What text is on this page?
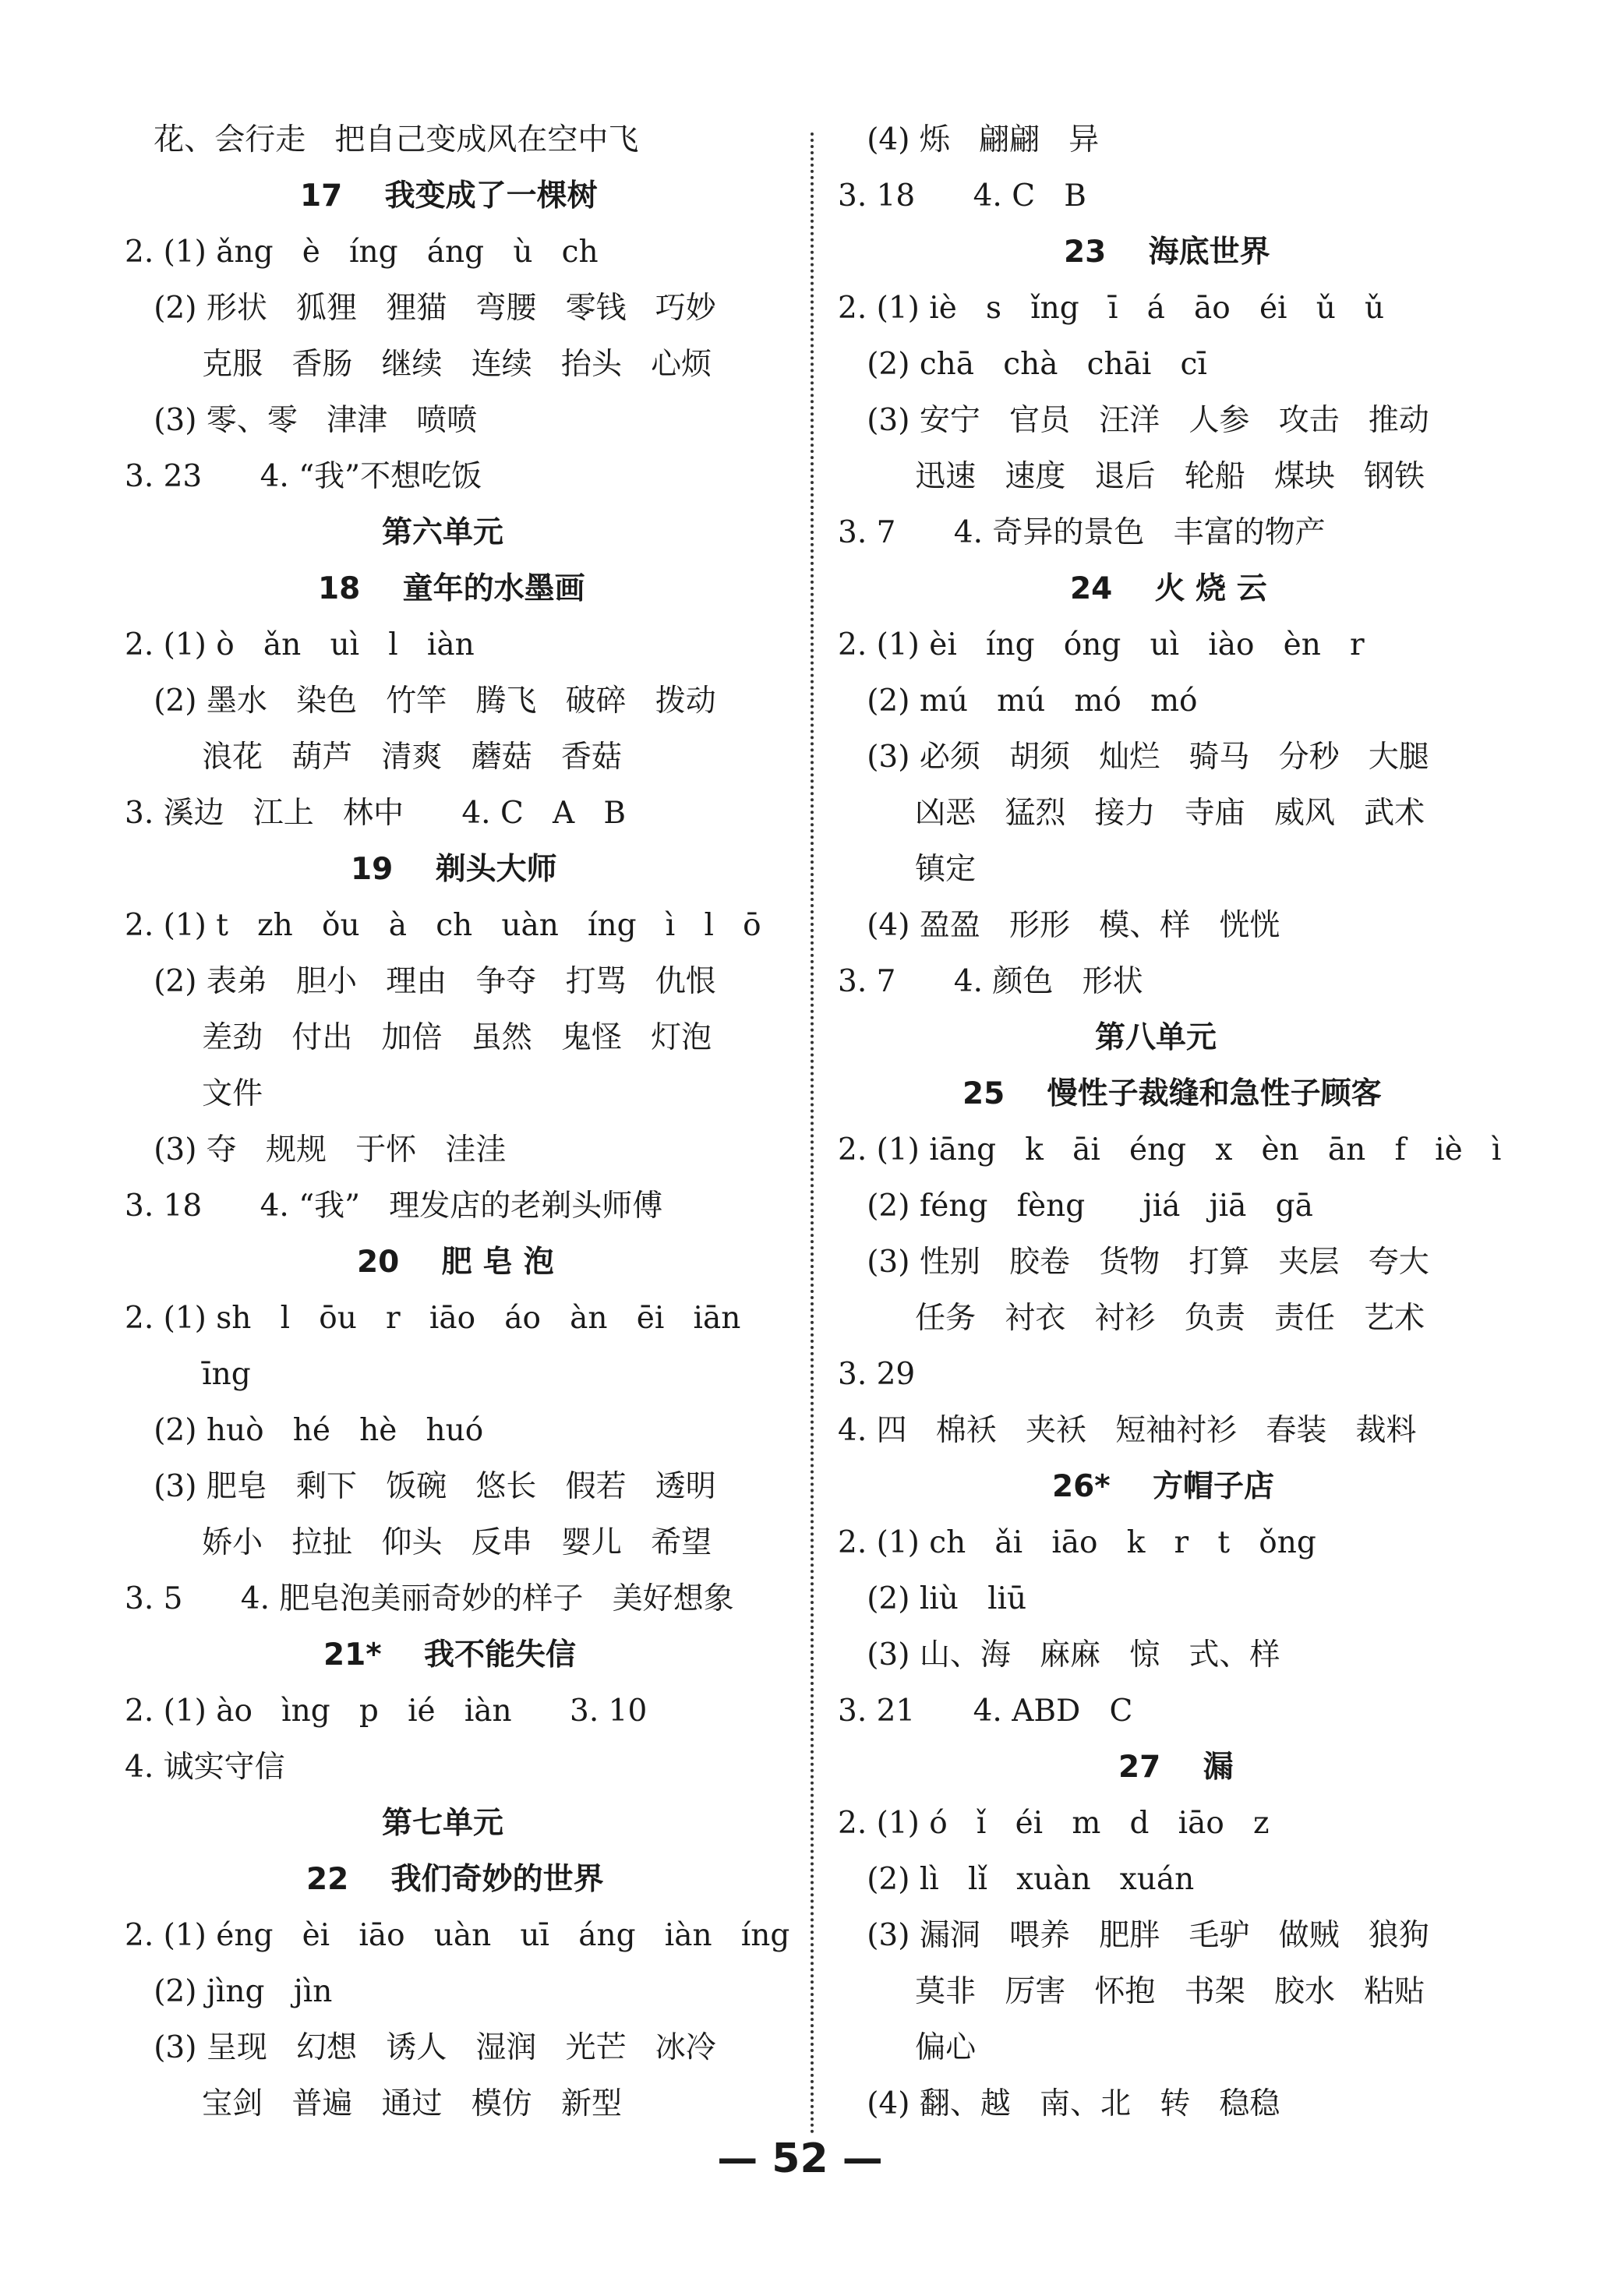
花、会行走   把自己变成风在空中飞
17    我变成了一棵树
2. (1) ǎng   è   íng   áng   ù   ch
(2) 形状   狐狸   狸猫   弯腰   零钱   巧妙
克服   香肠   继续   连续   抬头   心烦
(3) 零、零   津津   喷喷
3. 23      4. “我”不想吃饭
第六单元
18    童年的水墨画
2. (1) ò   ǎn   uì   l   iàn
(2) 墨水   染色   竹竿   腾飞   破碎   拨动
浪花   葫芦   清爽   蘑菇   香菇
3. 溪边   江上   林中      4. C   A   B
19    剃头大师
2. (1) t   zh   ǒu   à   ch   uàn   íng   ì   l   ō
(2) 表弟   胆小   理由   争夺   打骂   仇恨
差劲   付出   加倍   虽然   鬼怪   灯泡
文件
(3) 夺   规规   于怀   洼洼
3. 18      4. “我”   理发店的老剃头师傅
20    肥 皂 泡
2. (1) sh   l   ōu   r   iāo   áo   àn   ēi   iān
īng
(2) huò   hé   hè   huó
(3) 肥皂   剩下   饭碗   悠长   假若   透明
娇小   拉扯   仰头   反串   婴儿   希望
3. 5      4. 肥皂泡美丽奇妙的样子   美好想象
21*    我不能失信
2. (1) ào   ìng   p   ié   iàn      3. 10
4. 诚实守信
第七单元
22    我们奇妙的世界
2. (1) éng   èi   iāo   uàn   uī   áng   iàn   íng
(2) jìng   jìn
(3) 呈现   幻想   诱人   湿润   光芒   冰冷
宝剑   普遍   通过   模仿   新型
(4) 烁   翩翩   异
3. 18      4. C   B
23    海底世界
2. (1) iè   s   ǐng   ī   á   āo   éi   ǔ   ǔ
(2) chā   chà   chāi   cī
(3) 安宁   官员   汪洋   人参   攻击   推动
迅速   速度   退后   轮船   煤块   钢铁
3. 7      4. 奇异的景色   丰富的物产
24    火 烧 云
2. (1) èi   íng   óng   uì   iào   èn   r
(2) mú   mú   mó   mó
(3) 必须   胡须   灿烂   骑马   分秒   大腿
凶恶   猛烈   接力   寺庙   威风   武术
镇定
(4) 盈盈   形形   模、样   恍恍
3. 7      4. 颜色   形状
第八单元
25    慢性子裁缝和急性子顾客
2. (1) iāng   k   āi   éng   x   èn   ān   f   iè   ì
(2) féng   fèng      jiá   jiā   gā
(3) 性别   胶卷   货物   打算   夹层   夸大
任务   衬衣   衬衫   负责   责任   艺术
3. 29
4. 四   棉袄   夹袄   短袖衬衫   春装   裁料
26*    方帽子店
2. (1) ch   ǎi   iāo   k   r   t   ǒng
(2) liù   liū
(3) 山、海   麻麻   惊   式、样
3. 21      4. ABD   C
27    漏
2. (1) ó   ǐ   éi   m   d   iāo   z
(2) lì   lǐ   xuàn   xuán
(3) 漏洞   喂养   肥胖   毛驴   做贼   狼狗
莫非   厉害   怀抱   书架   胶水   粘贴
偏心
(4) 翻、越   南、北   转   稳稳
— 52 —
